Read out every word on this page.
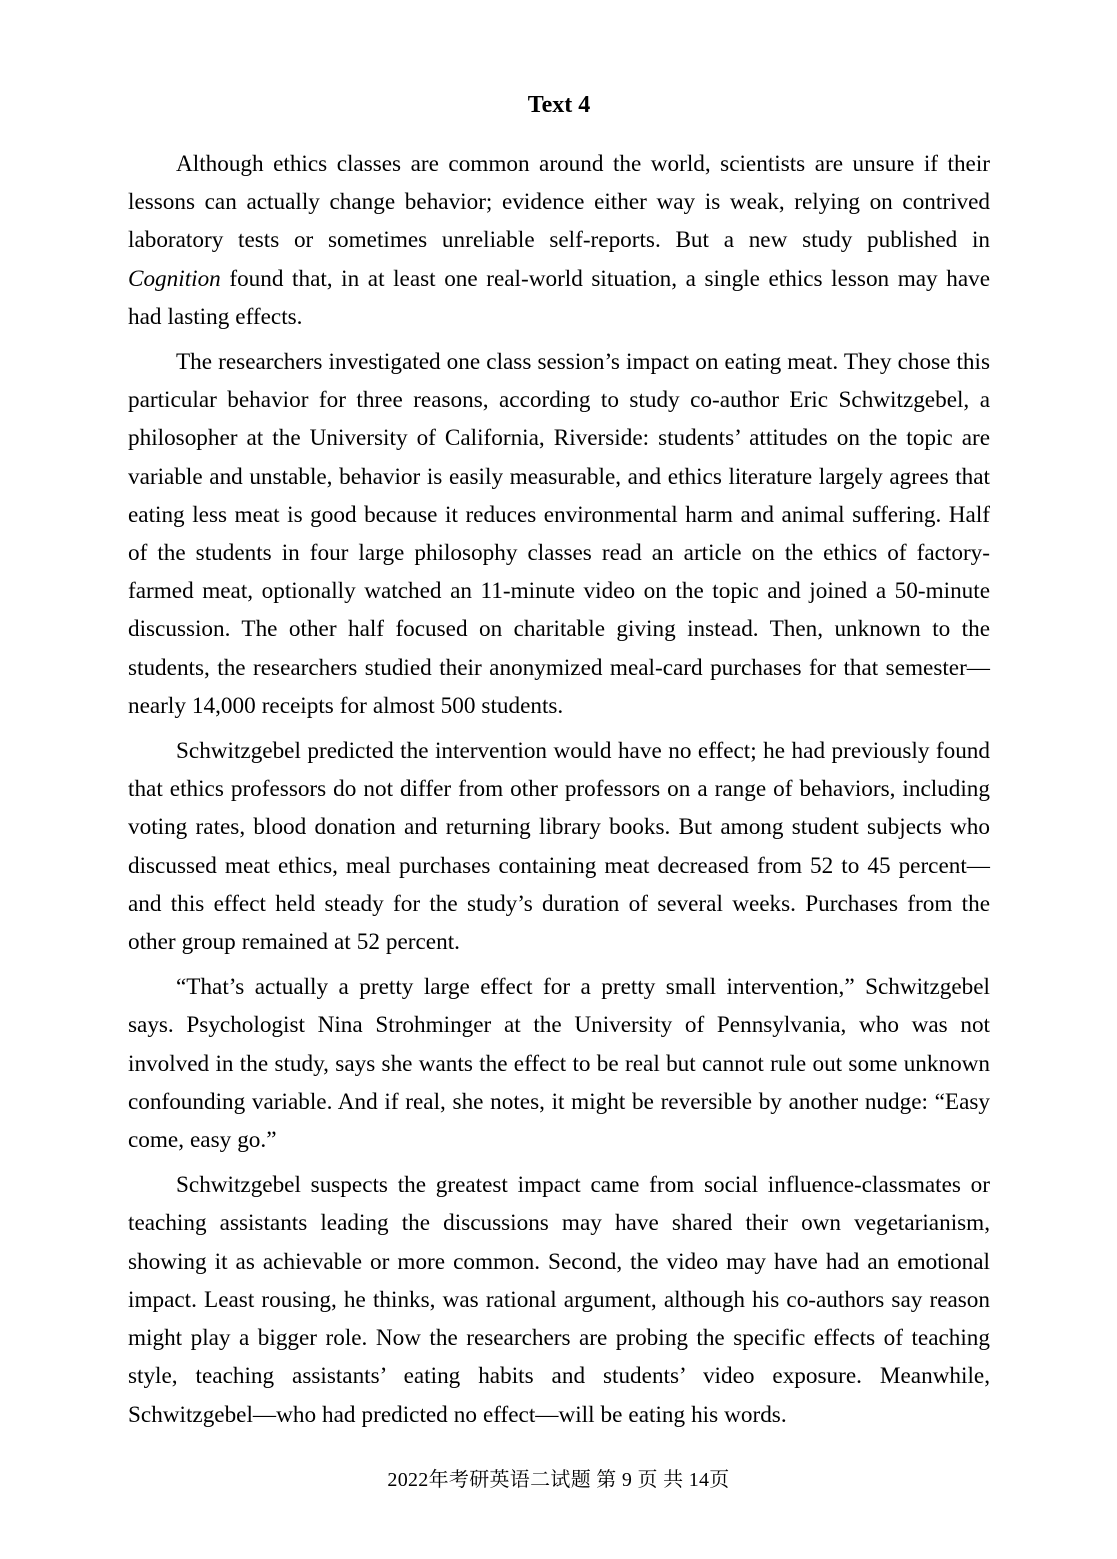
Text 4

Although ethics classes are common around the world, scientists are unsure if their lessons can actually change behavior; evidence either way is weak, relying on contrived laboratory tests or sometimes unreliable self-reports. But a new study published in Cognition found that, in at least one real-world situation, a single ethics lesson may have had lasting effects.

The researchers investigated one class session’s impact on eating meat. They chose this particular behavior for three reasons, according to study co-author Eric Schwitzgebel, a philosopher at the University of California, Riverside: students’ attitudes on the topic are variable and unstable, behavior is easily measurable, and ethics literature largely agrees that eating less meat is good because it reduces environmental harm and animal suffering. Half of the students in four large philosophy classes read an article on the ethics of factory-farmed meat, optionally watched an 11-minute video on the topic and joined a 50-minute discussion. The other half focused on charitable giving instead. Then, unknown to the students, the researchers studied their anonymized meal-card purchases for that semester—nearly 14,000 receipts for almost 500 students.

Schwitzgebel predicted the intervention would have no effect; he had previously found that ethics professors do not differ from other professors on a range of behaviors, including voting rates, blood donation and returning library books. But among student subjects who discussed meat ethics, meal purchases containing meat decreased from 52 to 45 percent—and this effect held steady for the study’s duration of several weeks. Purchases from the other group remained at 52 percent.

“That’s actually a pretty large effect for a pretty small intervention,” Schwitzgebel says. Psychologist Nina Strohminger at the University of Pennsylvania, who was not involved in the study, says she wants the effect to be real but cannot rule out some unknown confounding variable. And if real, she notes, it might be reversible by another nudge: “Easy come, easy go.”

Schwitzgebel suspects the greatest impact came from social influence-classmates or teaching assistants leading the discussions may have shared their own vegetarianism, showing it as achievable or more common. Second, the video may have had an emotional impact. Least rousing, he thinks, was rational argument, although his co-authors say reason might play a bigger role. Now the researchers are probing the specific effects of teaching style, teaching assistants’ eating habits and students’ video exposure. Meanwhile, Schwitzgebel—who had predicted no effect—will be eating his words.

2022年考研英语二试题 第 9 页 共 14页
